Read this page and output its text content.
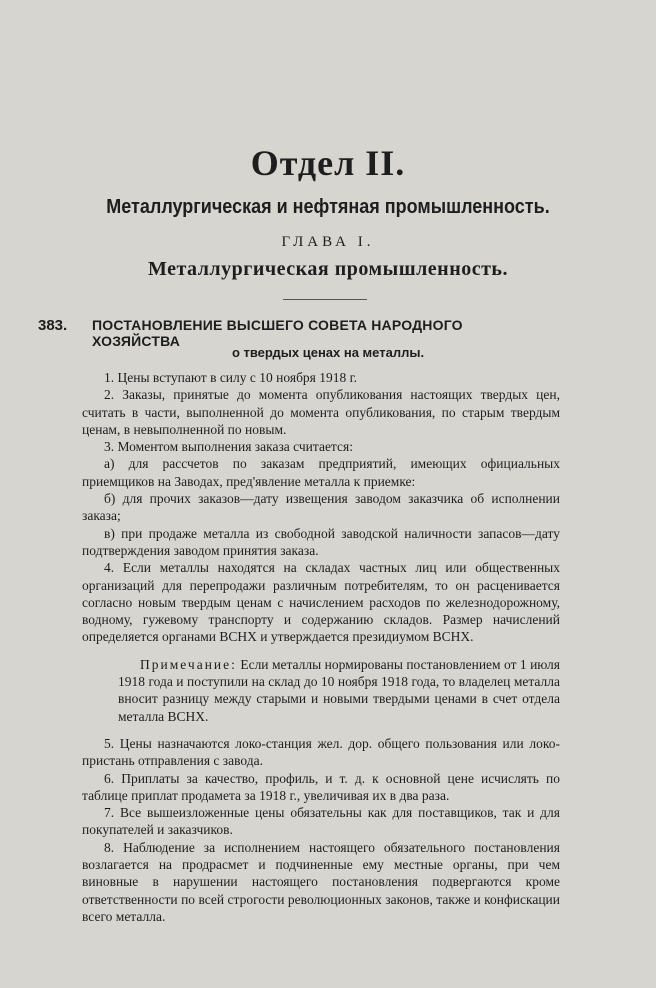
Отдел II.
Металлургическая и нефтяная промышленность.
ГЛАВА I.
Металлургическая промышленность.
383. ПОСТАНОВЛЕНИЕ ВЫСШЕГО СОВЕТА НАРОДНОГО ХОЗЯЙСТВА
о твердых ценах на металлы.

1. Цены вступают в силу с 10 ноября 1918 г.

2. Заказы, принятые до момента опубликования настоящих твердых цен, считать в части, выполненной до момента опубликования, по старым твердым ценам, в невыполненной по новым.

3. Моментом выполнения заказа считается:

а) для рассчетов по заказам предприятий, имеющих официальных приемщиков на Заводах, пред'явление металла к приемке:

б) для прочих заказов—дату извещения заводом заказчика об исполнении заказа;

в) при продаже металла из свободной заводской наличности запасов—дату подтверждения заводом принятия заказа.

4. Если металлы находятся на складах частных лиц или общественных организаций для перепродажи различным потребителям, то он расценивается согласно новым твердым ценам с начислением расходов по железнодорожному, водному, гужевому транспорту и содержанию складов. Размер начислений определяется органами ВСНХ и утверждается президиумом ВСНХ.

Примечание: Если металлы нормированы постановлением от 1 июля 1918 года и поступили на склад до 10 ноября 1918 года, то владелец металла вносит разницу между старыми и новыми твердыми ценами в счет отдела металла ВСНХ.

5. Цены назначаются локо-станция жел. дор. общего пользования или локо-пристань отправления с завода.

6. Приплаты за качество, профиль, и т. д. к основной цене исчислять по таблице приплат продамета за 1918 г., увеличивая их в два раза.

7. Все вышеизложенные цены обязательны как для поставщиков, так и для покупателей и заказчиков.

8. Наблюдение за исполнением настоящего обязательного постановления возлагается на продрасмет и подчиненные ему местные органы, при чем виновные в нарушении настоящего постановления подвергаются кроме ответственности по всей строгости революционных законов, также и конфискации всего металла.
